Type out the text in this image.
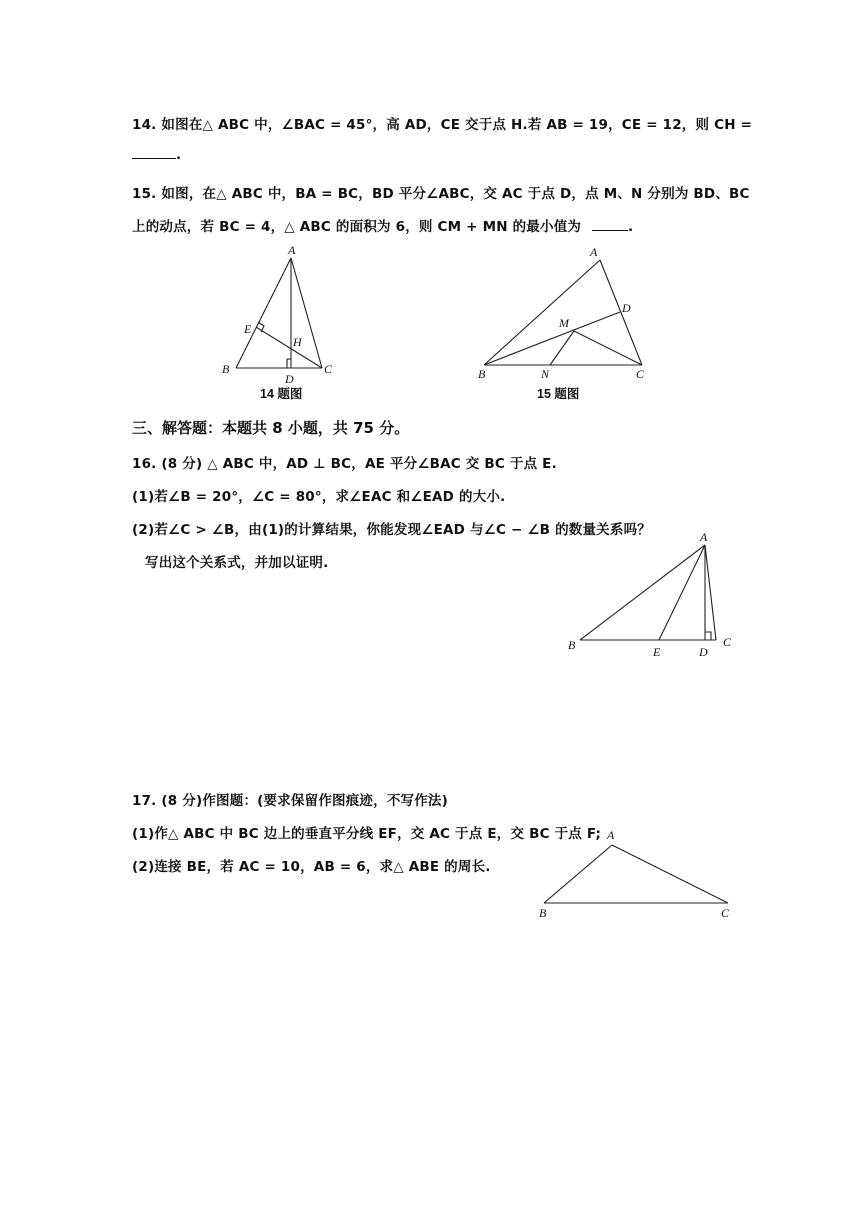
14. 如图在△ ABC 中，∠BAC = 45°，高 AD，CE 交于点 H.若 AB = 19，CE = 12，则 CH =
.
15. 如图，在△ ABC 中，BA = BC，BD 平分∠ABC，交 AC 于点 D，点 M、N 分别为 BD、BC
上的动点，若 BC = 4，△ ABC 的面积为 6，则 CM + MN 的最小值为	.
A
B	C
D
E
H
14 题图
A
B	C
D
M
N
15 题图
三、解答题：本题共 8 小题，共 75 分。
16. (8 分) △ ABC 中，AD ⊥ BC，AE 平分∠BAC 交 BC 于点 E.
(1)若∠B = 20°，∠C = 80°，求∠EAC 和∠EAD 的大小.
(2)若∠C > ∠B，由(1)的计算结果，你能发现∠EAD 与∠C − ∠B 的数量关系吗？
写出这个关系式，并加以证明.
A
B	C
D
E
17. (8 分)作图题：(要求保留作图痕迹，不写作法)
(1)作△ ABC 中 BC 边上的垂直平分线 EF，交 AC 于点 E，交 BC 于点 F;
(2)连接 BE，若 AC = 10，AB = 6，求△ ABE 的周长.
A
B	C
